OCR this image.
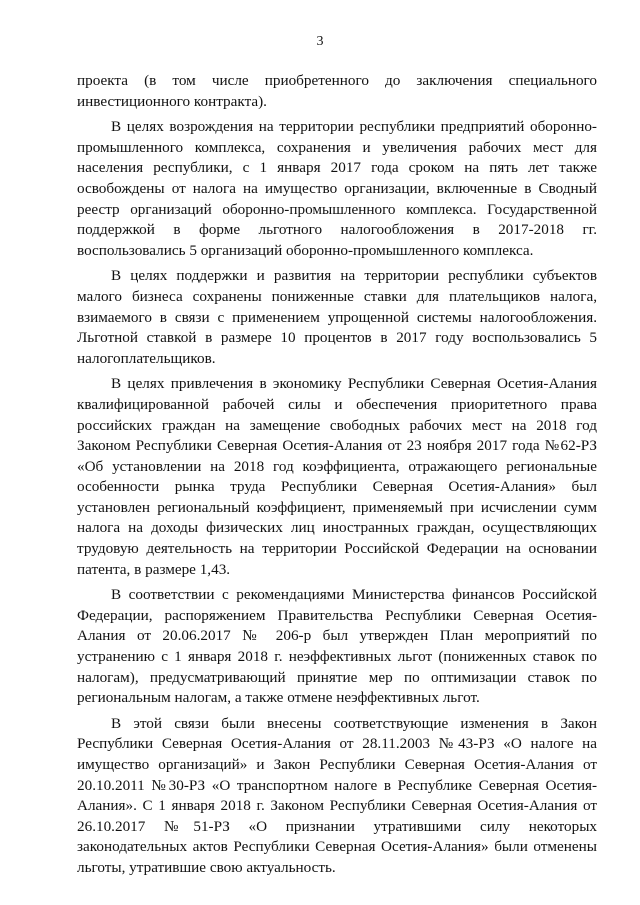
3

проекта (в том числе приобретенного до заключения специального инвестиционного контракта).

В целях возрождения на территории республики предприятий оборонно-промышленного комплекса, сохранения и увеличения рабочих мест для населения республики, с 1 января 2017 года сроком на пять лет также освобождены от налога на имущество организации, включенные в Сводный реестр организаций оборонно-промышленного комплекса. Государственной поддержкой в форме льготного налогообложения в 2017-2018 гг. воспользовались 5 организаций оборонно-промышленного комплекса.

В целях поддержки и развития на территории республики субъектов малого бизнеса сохранены пониженные ставки для плательщиков налога, взимаемого в связи с применением упрощенной системы налогообложения. Льготной ставкой в размере 10 процентов в 2017 году воспользовались 5 налогоплательщиков.

В целях привлечения в экономику Республики Северная Осетия-Алания квалифицированной рабочей силы и обеспечения приоритетного права российских граждан на замещение свободных рабочих мест на 2018 год Законом Республики Северная Осетия-Алания от 23 ноября 2017 года №62-РЗ «Об установлении на 2018 год коэффициента, отражающего региональные особенности рынка труда Республики Северная Осетия-Алания» был установлен региональный коэффициент, применяемый при исчислении сумм налога на доходы физических лиц иностранных граждан, осуществляющих трудовую деятельность на территории Российской Федерации на основании патента, в размере 1,43.

В соответствии с рекомендациями Министерства финансов Российской Федерации, распоряжением Правительства Республики Северная Осетия-Алания от 20.06.2017 № 206-р был утвержден План мероприятий по устранению с 1 января 2018 г. неэффективных льгот (пониженных ставок по налогам), предусматривающий принятие мер по оптимизации ставок по региональным налогам, а также отмене неэффективных льгот.

В этой связи были внесены соответствующие изменения в Закон Республики Северная Осетия-Алания от 28.11.2003 №43-РЗ «О налоге на имущество организаций» и Закон Республики Северная Осетия-Алания от 20.10.2011 №30-РЗ «О транспортном налоге в Республике Северная Осетия-Алания». С 1 января 2018 г. Законом Республики Северная Осетия-Алания от 26.10.2017 №51-РЗ «О признании утратившими силу некоторых законодательных актов Республики Северная Осетия-Алания» были отменены льготы, утратившие свою актуальность.
